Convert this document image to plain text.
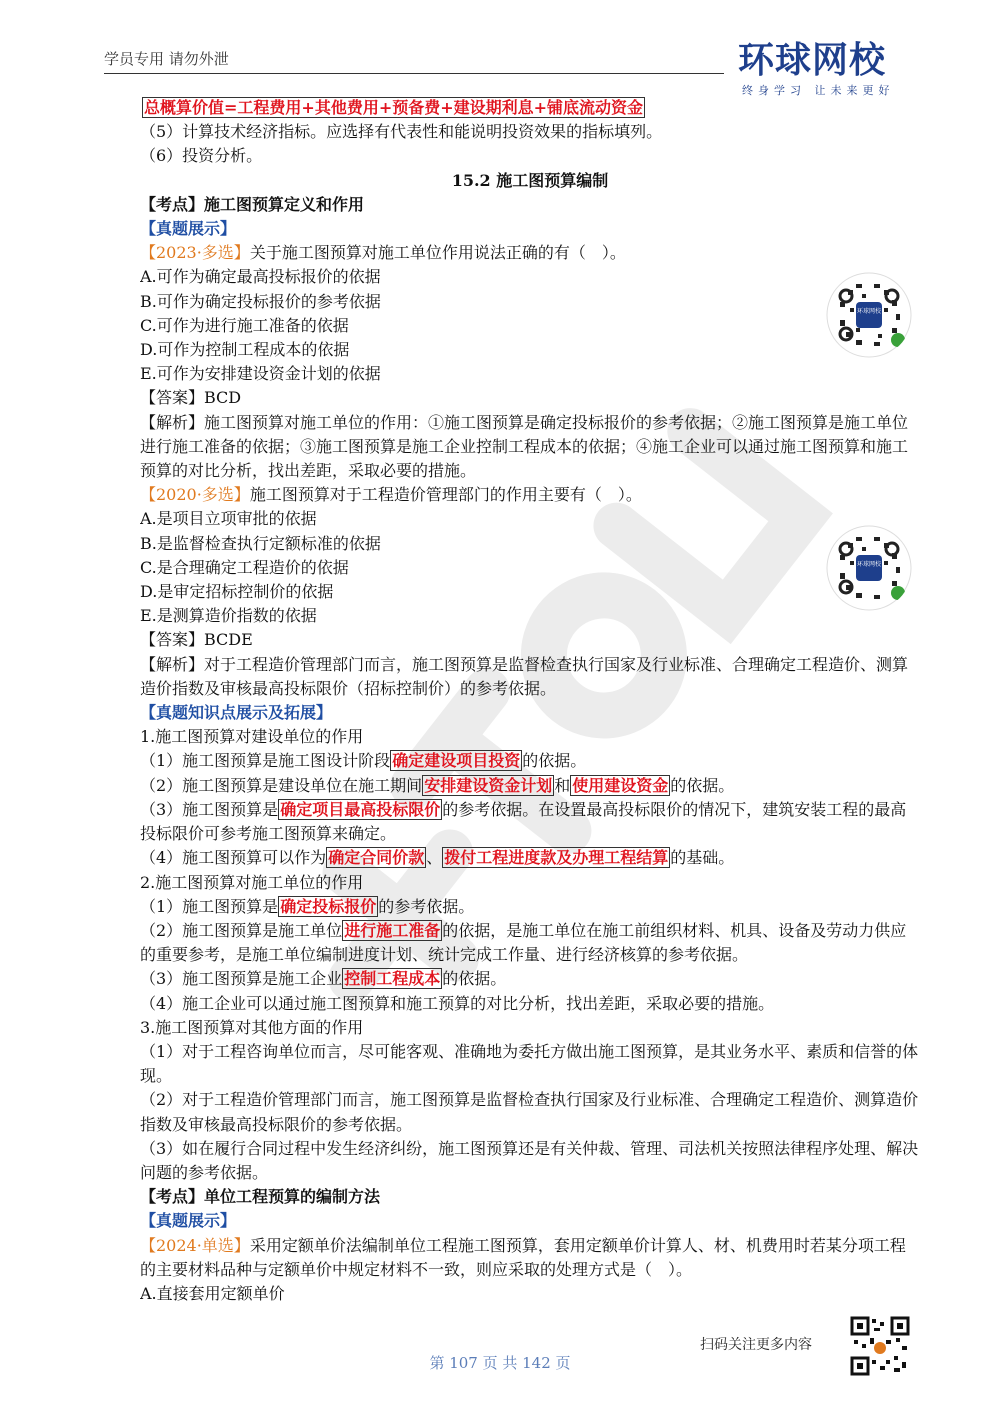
学员专用 请勿外泄	环球网校
终身学习 让未来更好

总概算价值=工程费用+其他费用+预备费+建设期利息+铺底流动资金

（5）计算技术经济指标。应选择有代表性和能说明投资效果的指标填列。

（6）投资分析。

15.2 施工图预算编制

【考点】施工图预算定义和作用

【真题展示】

【2023·多选】关于施工图预算对施工单位作用说法正确的有（　）。

A.可作为确定最高投标报价的依据

B.可作为确定投标报价的参考依据

C.可作为进行施工准备的依据

D.可作为控制工程成本的依据

E.可作为安排建设资金计划的依据

【答案】BCD

【解析】施工图预算对施工单位的作用：①施工图预算是确定投标报价的参考依据；②施工图预算是施工单位进行施工准备的依据；③施工图预算是施工企业控制工程成本的依据；④施工企业可以通过施工图预算和施工预算的对比分析，找出差距，采取必要的措施。

【2020·多选】施工图预算对于工程造价管理部门的作用主要有（　）。

A.是项目立项审批的依据

B.是监督检查执行定额标准的依据

C.是合理确定工程造价的依据

D.是审定招标控制价的依据

E.是测算造价指数的依据

【答案】BCDE

【解析】对于工程造价管理部门而言，施工图预算是监督检查执行国家及行业标准、合理确定工程造价、测算造价指数及审核最高投标限价（招标控制价）的参考依据。

【真题知识点展示及拓展】

1.施工图预算对建设单位的作用

（1）施工图预算是施工图设计阶段 确定建设项目投资 的依据。

（2）施工图预算是建设单位在施工期间 安排建设资金计划 和 使用建设资金 的依据。

（3）施工图预算是 确定项目最高投标限价 的参考依据。在设置最高投标限价的情况下，建筑安装工程的最高投标限价可参考施工图预算来确定。

（4）施工图预算可以作为 确定合同价款 、 拨付工程进度款及办理工程结算 的基础。

2.施工图预算对施工单位的作用

（1）施工图预算是 确定投标报价 的参考依据。

（2）施工图预算是施工单位 进行施工准备 的依据，是施工单位在施工前组织材料、机具、设备及劳动力供应的重要参考，是施工单位编制进度计划、统计完成工作量、进行经济核算的参考依据。

（3）施工图预算是施工企业 控制工程成本 的依据。

（4）施工企业可以通过施工图预算和施工预算的对比分析，找出差距，采取必要的措施。

3.施工图预算对其他方面的作用

（1）对于工程咨询单位而言，尽可能客观、准确地为委托方做出施工图预算，是其业务水平、素质和信誉的体现。

（2）对于工程造价管理部门而言，施工图预算是监督检查执行国家及行业标准、合理确定工程造价、测算造价指数及审核最高投标限价的参考依据。

（3）如在履行合同过程中发生经济纠纷，施工图预算还是有关仲裁、管理、司法机关按照法律程序处理、解决问题的参考依据。

【考点】单位工程预算的编制方法

【真题展示】

【2024·单选】采用定额单价法编制单位工程施工图预算，套用定额单价计算人、材、机费用时若某分项工程的主要材料品种与定额单价中规定材料不一致，则应采取的处理方式是（　）。

A.直接套用定额单价

环球网校
环球网校
扫码关注更多内容
第 107 页 共 142 页
